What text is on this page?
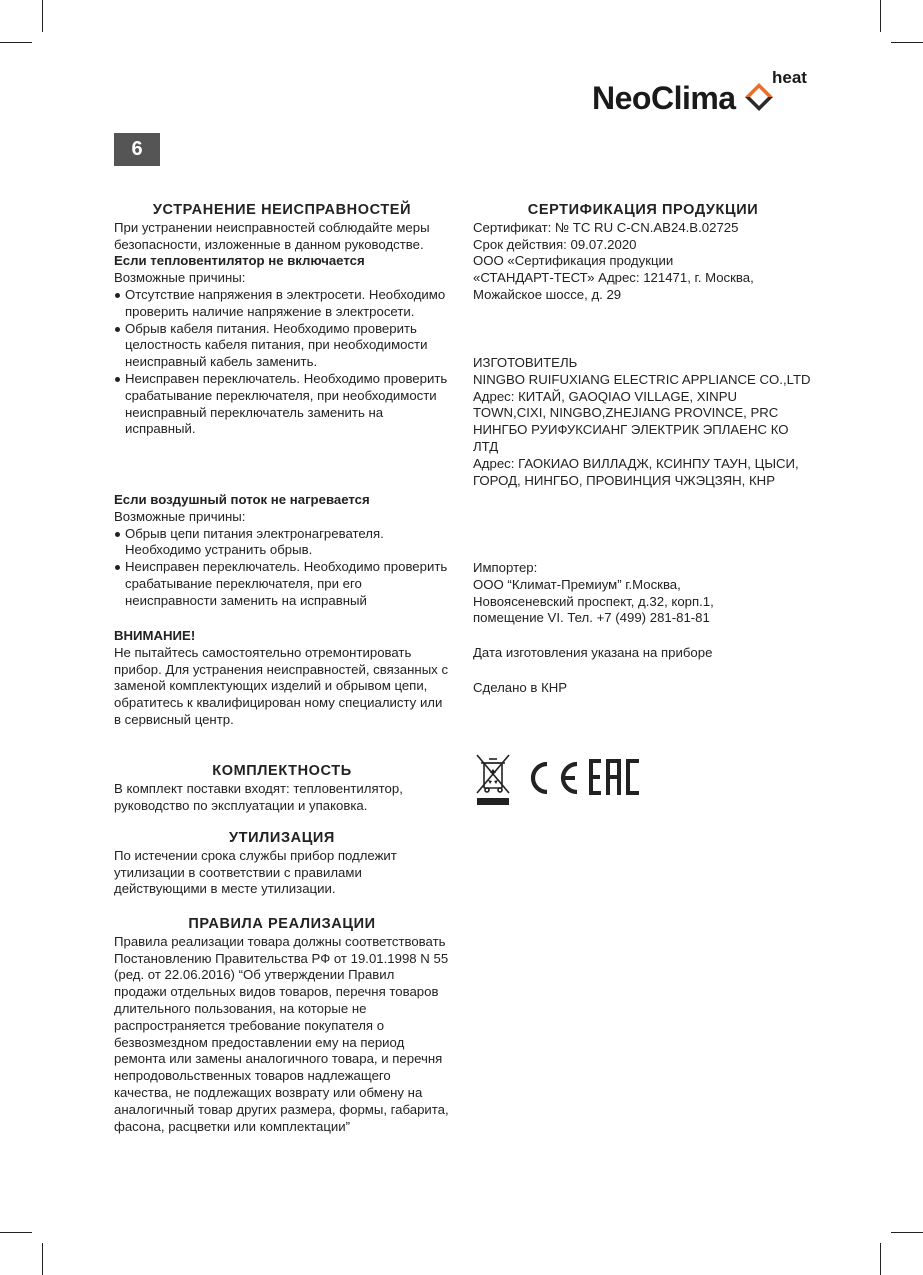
NeoClima
heat
6
УСТРАНЕНИЕ НЕИСПРАВНОСТЕЙ

При устранении неисправностей соблюдайте меры безопасности, изложенные в данном руководстве.

Если тепловентилятор не включается

Возможные причины:

Отсутствие напряжения в электросети. Необходимо проверить наличие напряжение в электросети.
Обрыв кабеля питания. Необходимо проверить целостность кабеля питания, при необходимости неисправный кабель заменить.
Неисправен переключатель. Необходимо проверить срабатывание переключателя, при необходимости неисправный переключатель заменить на исправный.

Если воздушный поток не нагревается

Возможные причины:

Обрыв цепи питания электронагревателя. Необходимо устранить обрыв.
Неисправен переключатель. Необходимо проверить срабатывание переключателя, при его неисправности заменить на исправный

ВНИМАНИЕ!

Не пытайтесь самостоятельно отремонтировать прибор. Для устранения неисправностей, связанных с заменой комплектующих изделий и обрывом цепи, обратитесь к квалифицирован ному специалисту или в сервисный центр.

КОМПЛЕКТНОСТЬ

В комплект поставки входят: тепловентилятор, руководство по эксплуатации и упаковка.

УТИЛИЗАЦИЯ

По истечении срока службы прибор подлежит утилизации в соответствии с правилами действующими в месте утилизации.

ПРАВИЛА РЕАЛИЗАЦИИ

Правила реализации товара должны соответствовать Постановлению Правительства РФ от 19.01.1998 N 55 (ред. от 22.06.2016) “Об утверждении Правил продажи отдельных видов товаров, перечня товаров длительного пользования, на которые не распространяется требование покупателя о безвозмездном предоставлении ему на период ремонта или замены аналогичного товара, и перечня непродовольственных товаров надлежащего качества, не подлежащих возврату или обмену на аналогичный товар других размера, формы, габарита, фасона, расцветки или комплектации”

СЕРТИФИКАЦИЯ ПРОДУКЦИИ

Сертификат: № ТС RU С-CN.АВ24.В.02725

Срок действия: 09.07.2020

ООО «Сертификация продукции

«СТАНДАРТ-ТЕСТ» Адрес: 121471, г. Москва, Можайское шоссе, д. 29

ИЗГОТОВИТЕЛЬ

NINGBO RUIFUXIANG ELECTRIC APPLIANCE CO.,LTD

Адрес: КИТАЙ, GAOQIAO VILLAGE, XINPU TOWN,CIXI, NINGBO,ZHEJIANG PROVINCE, PRC

НИНГБО РУИФУКСИАНГ ЭЛЕКТРИК ЭПЛАЕНС КО ЛТД

Адрес: ГАОКИАО ВИЛЛАДЖ, КСИНПУ ТАУН, ЦЫСИ, ГОРОД, НИНГБО, ПРОВИНЦИЯ ЧЖЭЦЗЯН, КНР

Импортер:

ООО “Климат-Премиум” г.Москва,

Новоясеневский проспект, д.32, корп.1,

помещение VI. Тел. +7 (499) 281-81-81

Дата изготовления указана на приборе

Сделано в КНР
